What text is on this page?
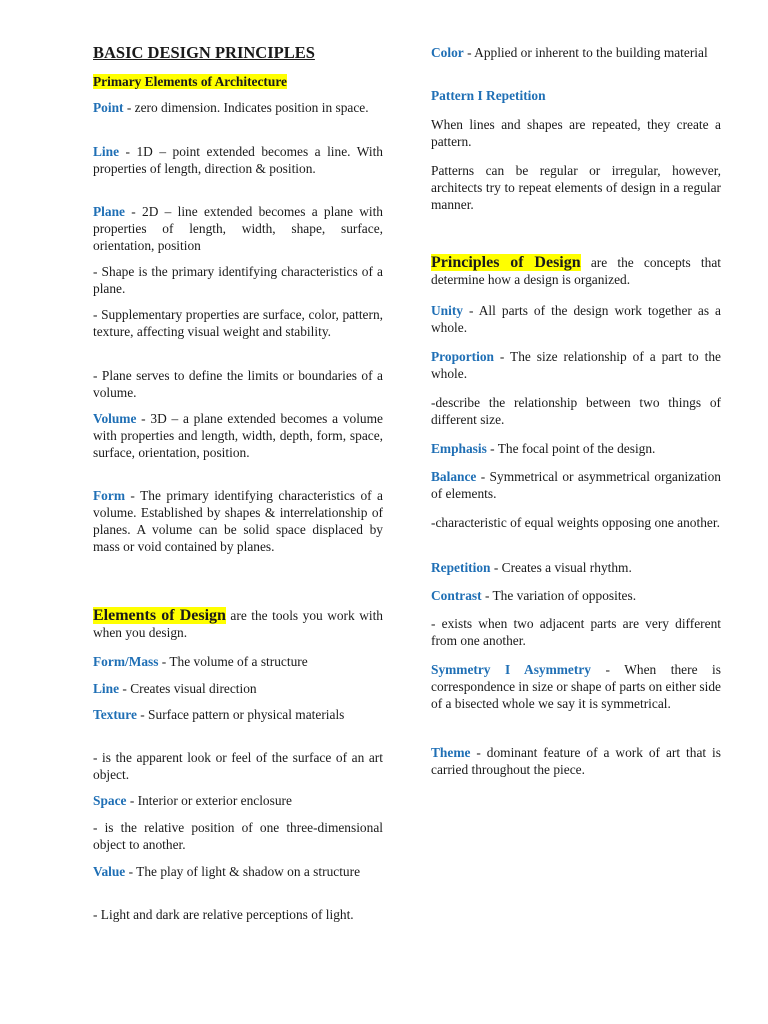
BASIC DESIGN PRINCIPLES
Primary Elements of Architecture

Point - zero dimension. Indicates position in space.

Line - 1D – point extended becomes a line. With properties of length, direction & position.

Plane - 2D – line extended becomes a plane with properties of length, width, shape, surface, orientation, position

- Shape is the primary identifying characteristics of a plane.

- Supplementary properties are surface, color, pattern, texture, affecting visual weight and stability.

- Plane serves to define the limits or boundaries of a volume.

Volume - 3D – a plane extended becomes a volume with properties and length, width, depth, form, space, surface, orientation, position.

Form - The primary identifying characteristics of a volume. Established by shapes & interrelationship of planes. A volume can be solid space displaced by mass or void contained by planes.

Elements of Design are the tools you work with when you design.

Form/Mass - The volume of a structure

Line - Creates visual direction

Texture - Surface pattern or physical materials

- is the apparent look or feel of the surface of an art object.

Space - Interior or exterior enclosure

- is the relative position of one three-dimensional object to another.

Value - The play of light & shadow on a structure

- Light and dark are relative perceptions of light.

Color - Applied or inherent to the building material

Pattern I Repetition

When lines and shapes are repeated, they create a pattern.

Patterns can be regular or irregular, however, architects try to repeat elements of design in a regular manner.

Principles of Design are the concepts that determine how a design is organized.

Unity - All parts of the design work together as a whole.

Proportion - The size relationship of a part to the whole.

-describe the relationship between two things of different size.

Emphasis - The focal point of the design.

Balance - Symmetrical or asymmetrical organization of elements.

-characteristic of equal weights opposing one another.

Repetition - Creates a visual rhythm.

Contrast - The variation of opposites.

- exists when two adjacent parts are very different from one another.

Symmetry I Asymmetry - When there is correspondence in size or shape of parts on either side of a bisected whole we say it is symmetrical.

Theme - dominant feature of a work of art that is carried throughout the piece.
